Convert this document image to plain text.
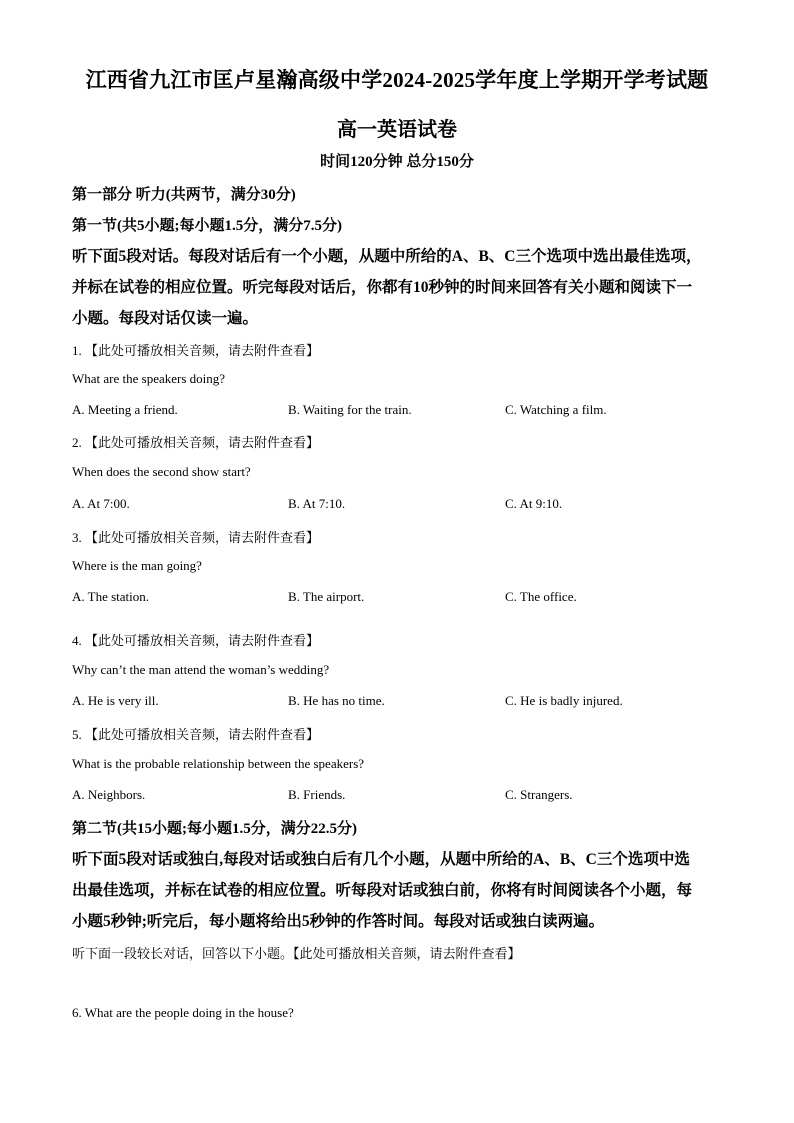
江西省九江市匡卢星瀚高级中学2024-2025学年度上学期开学考试题
高一英语试卷
时间120分钟 总分150分
第一部分 听力(共两节，满分30分)
第一节(共5小题;每小题1.5分，满分7.5分)
听下面5段对话。每段对话后有一个小题，从题中所给的A、B、C三个选项中选出最佳选项，
并标在试卷的相应位置。听完每段对话后，你都有10秒钟的时间来回答有关小题和阅读下一
小题。每段对话仅读一遍。
1. 【此处可播放相关音频，请去附件查看】
What are the speakers doing?
A. Meeting a friend.	B. Waiting for the train.	C. Watching a film.
2. 【此处可播放相关音频，请去附件查看】
When does the second show start?
A. At 7:00.	B. At 7:10.	C. At 9:10.
3. 【此处可播放相关音频，请去附件查看】
Where is the man going?
A. The station.	B. The airport.	C. The office.
4. 【此处可播放相关音频，请去附件查看】
Why can’t the man attend the woman’s wedding?
A. He is very ill.	B. He has no time.	C. He is badly injured.
5. 【此处可播放相关音频，请去附件查看】
What is the probable relationship between the speakers?
A. Neighbors.	B. Friends.	C. Strangers.
第二节(共15小题;每小题1.5分，满分22.5分)
听下面5段对话或独白,每段对话或独白后有几个小题，从题中所给的A、B、C三个选项中选
出最佳选项，并标在试卷的相应位置。听每段对话或独白前，你将有时间阅读各个小题，每
小题5秒钟;听完后，每小题将给出5秒钟的作答时间。每段对话或独白读两遍。
听下面一段较长对话，回答以下小题。【此处可播放相关音频，请去附件查看】
6. What are the people doing in the house?
